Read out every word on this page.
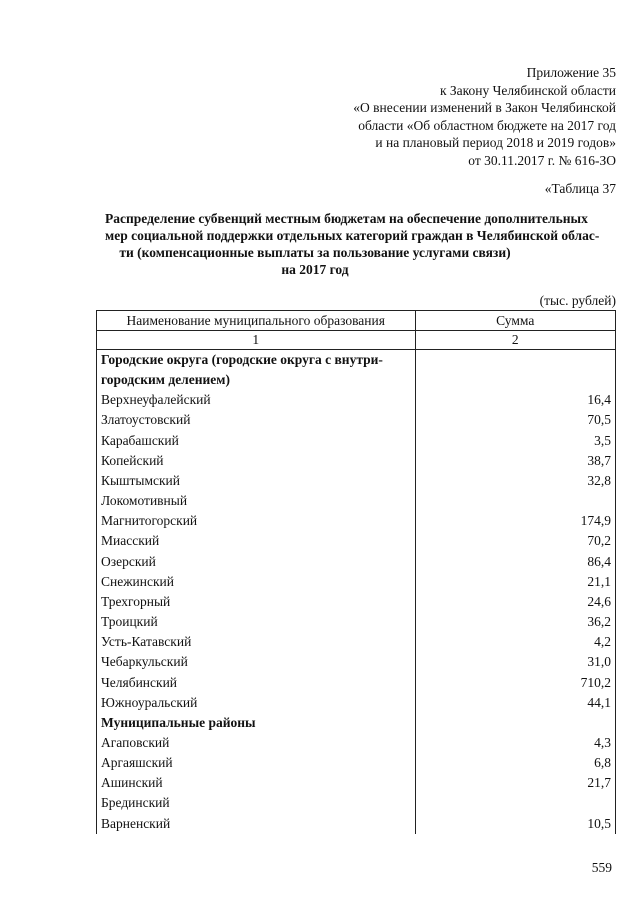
Приложение 35
к Закону Челябинской области
«О внесении изменений в Закон Челябинской
области «Об областном бюджете на 2017 год
и на плановый период 2018 и 2019 годов»
от 30.11.2017 г. № 616-ЗО
«Таблица 37
Распределение субвенций местным бюджетам на обеспечение дополнительных
мер социальной поддержки отдельных категорий граждан в Челябинской облас-
ти (компенсационные выплаты за пользование услугами связи)
на 2017 год
(тыс. рублей)
Наименование муниципального образования	Сумма
1	2
Городские округа (городские округа с внутри-	
городским делением)	
Верхнеуфалейский	16,4
Златоустовский	70,5
Карабашский	3,5
Копейский	38,7
Кыштымский	32,8
Локомотивный	
Магнитогорский	174,9
Миасский	70,2
Озерский	86,4
Снежинский	21,1
Трехгорный	24,6
Троицкий	36,2
Усть-Катавский	4,2
Чебаркульский	31,0
Челябинский	710,2
Южноуральский	44,1
Муниципальные районы	
Агаповский	4,3
Аргаяшский	6,8
Ашинский	21,7
Брединский	
Варненский	10,5
559
